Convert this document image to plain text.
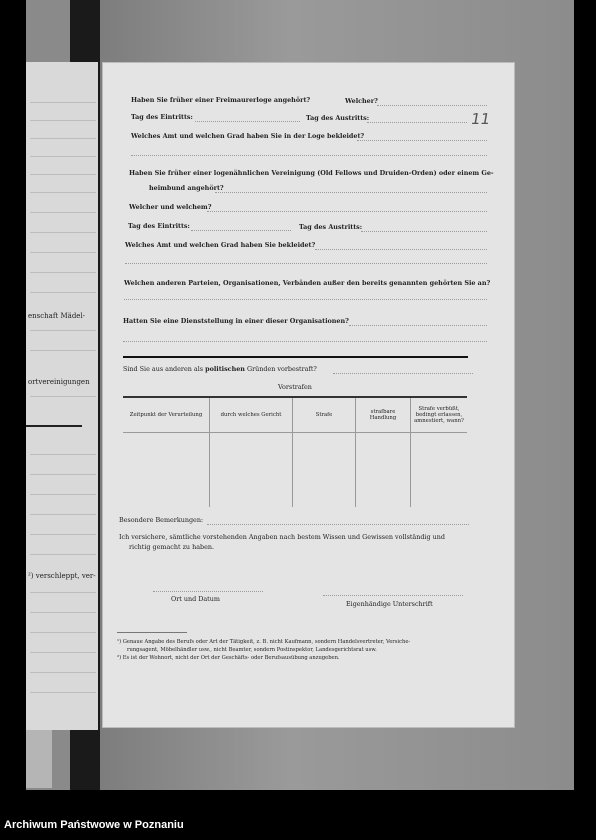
enschaft Mädel-
ortvereinigungen
²) verschleppt, ver-
Haben Sie früher einer Freimaurerloge angehört?	Welcher?
Tag des Eintritts:	Tag des Austritts:	11
Welches Amt und welchen Grad haben Sie in der Loge bekleidet?
Haben Sie früher einer logenähnlichen Vereinigung (Old Fellows und Druiden-Orden) oder einem Ge-
heimbund angehört?
Welcher und welchem?
Tag des Eintritts:	Tag des Austritts:
Welches Amt und welchen Grad haben Sie bekleidet?
Welchen anderen Parteien, Organisationen, Verbänden außer den bereits genannten gehörten Sie an?
Hatten Sie eine Dienststellung in einer dieser Organisationen?
Sind Sie aus anderen als politischen Gründen vorbestraft?
Vorstrafen
Zeitpunkt der Verurteilung	durch welches Gericht	Strafe	strafbare Handlung	Strafe verbüßt, bedingt erlassen, amnestiert, wann?

Besondere Bemerkungen:
Ich versichere, sämtliche vorstehenden Angaben nach bestem Wissen und Gewissen vollständig und
richtig gemacht zu haben.
Ort und Datum
Eigenhändige Unterschrift
¹) Genaue Angabe des Berufs oder Art der Tätigkeit, z. B. nicht Kaufmann, sondern Handelsvertreter, Versiche-
rungsagent, Möbelhändler usw., nicht Beamter, sondern Postinspektor, Landesgerichtsrat usw.
²) Es ist der Wohnort, nicht der Ort der Geschäfts- oder Berufsausübung anzugeben.
Archiwum Państwowe w Poznaniu
